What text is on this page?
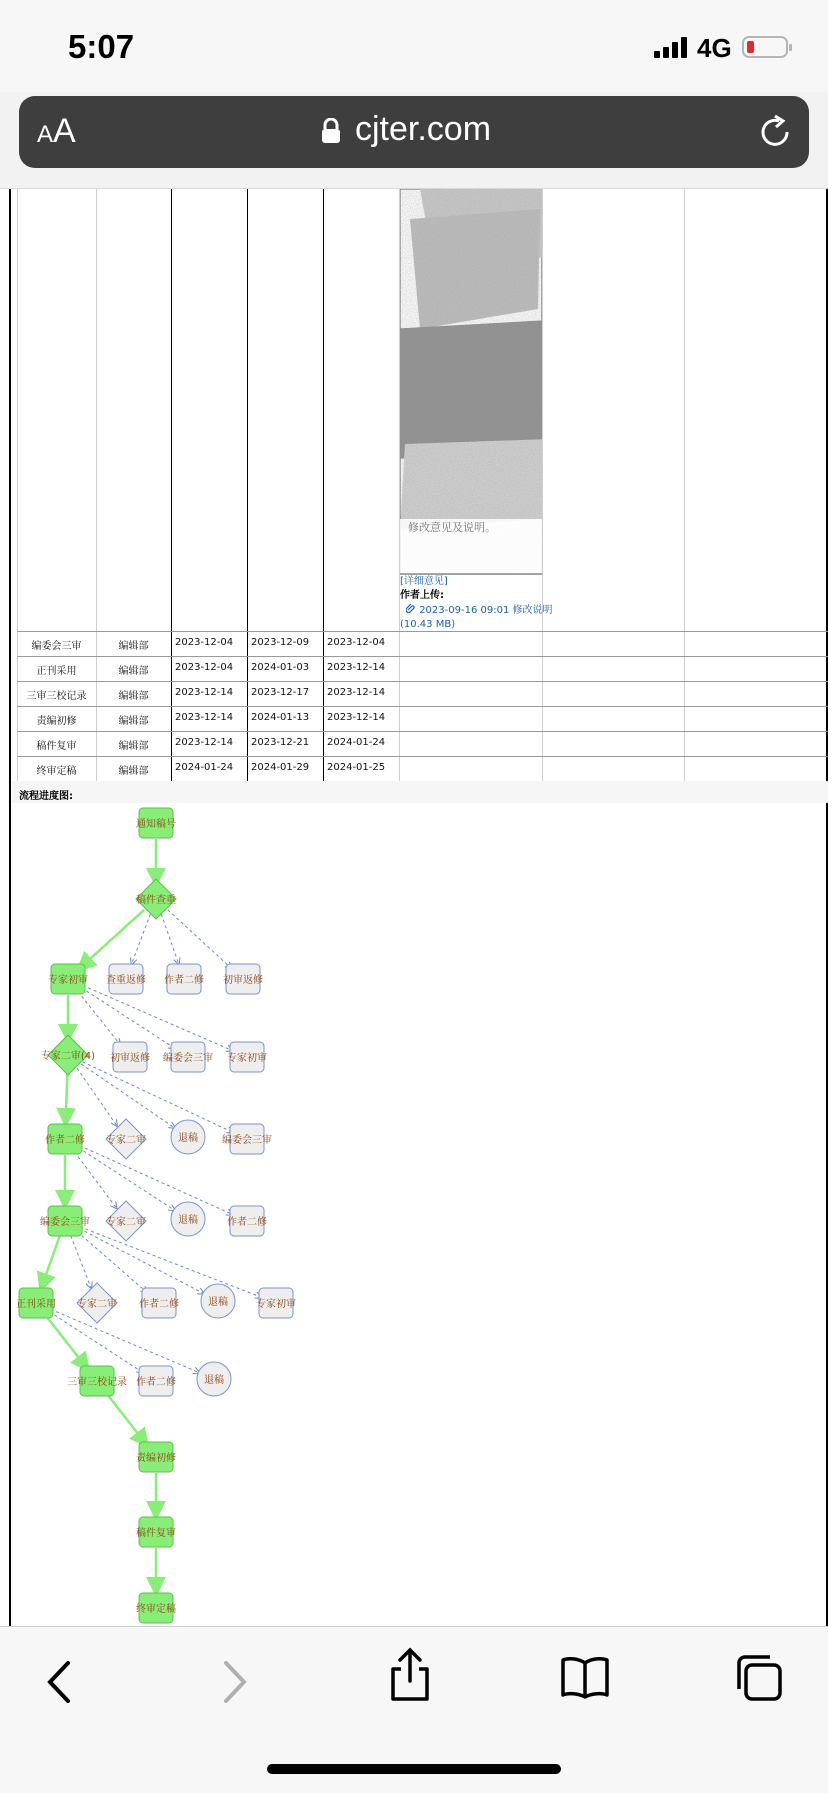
5:07	4G
AA	cjter.com
修改意见及说明。
[详细意见]
作者上传:
2023-09-16 09:01 修改说明
(10.43 MB)
编委会三审	编辑部	2023-12-04 2023-12-09 2023-12-04
正刊采用	编辑部	2023-12-04 2024-01-03 2023-12-14
三审三校记录	编辑部	2023-12-14 2023-12-17 2023-12-14
责编初修	编辑部	2023-12-14 2024-01-13 2023-12-14
稿件复审	编辑部	2023-12-14 2023-12-21 2024-01-24
终审定稿	编辑部	2024-01-24 2024-01-29 2024-01-25
流程进度图:
通知稿号
稿件查重
查重返修 作者二修 初审返修
专家初审
初审返修 编委会三审 专家初审
专家二审(4)
专家二审	退稿 编委会三审
作者二修
专家二审	退稿	作者二修
编委会三审
专家二审 作者二修	退稿	专家初审
正刊采用
三审三校记录 作者二修	退稿
责编初修
稿件复审
终审定稿
